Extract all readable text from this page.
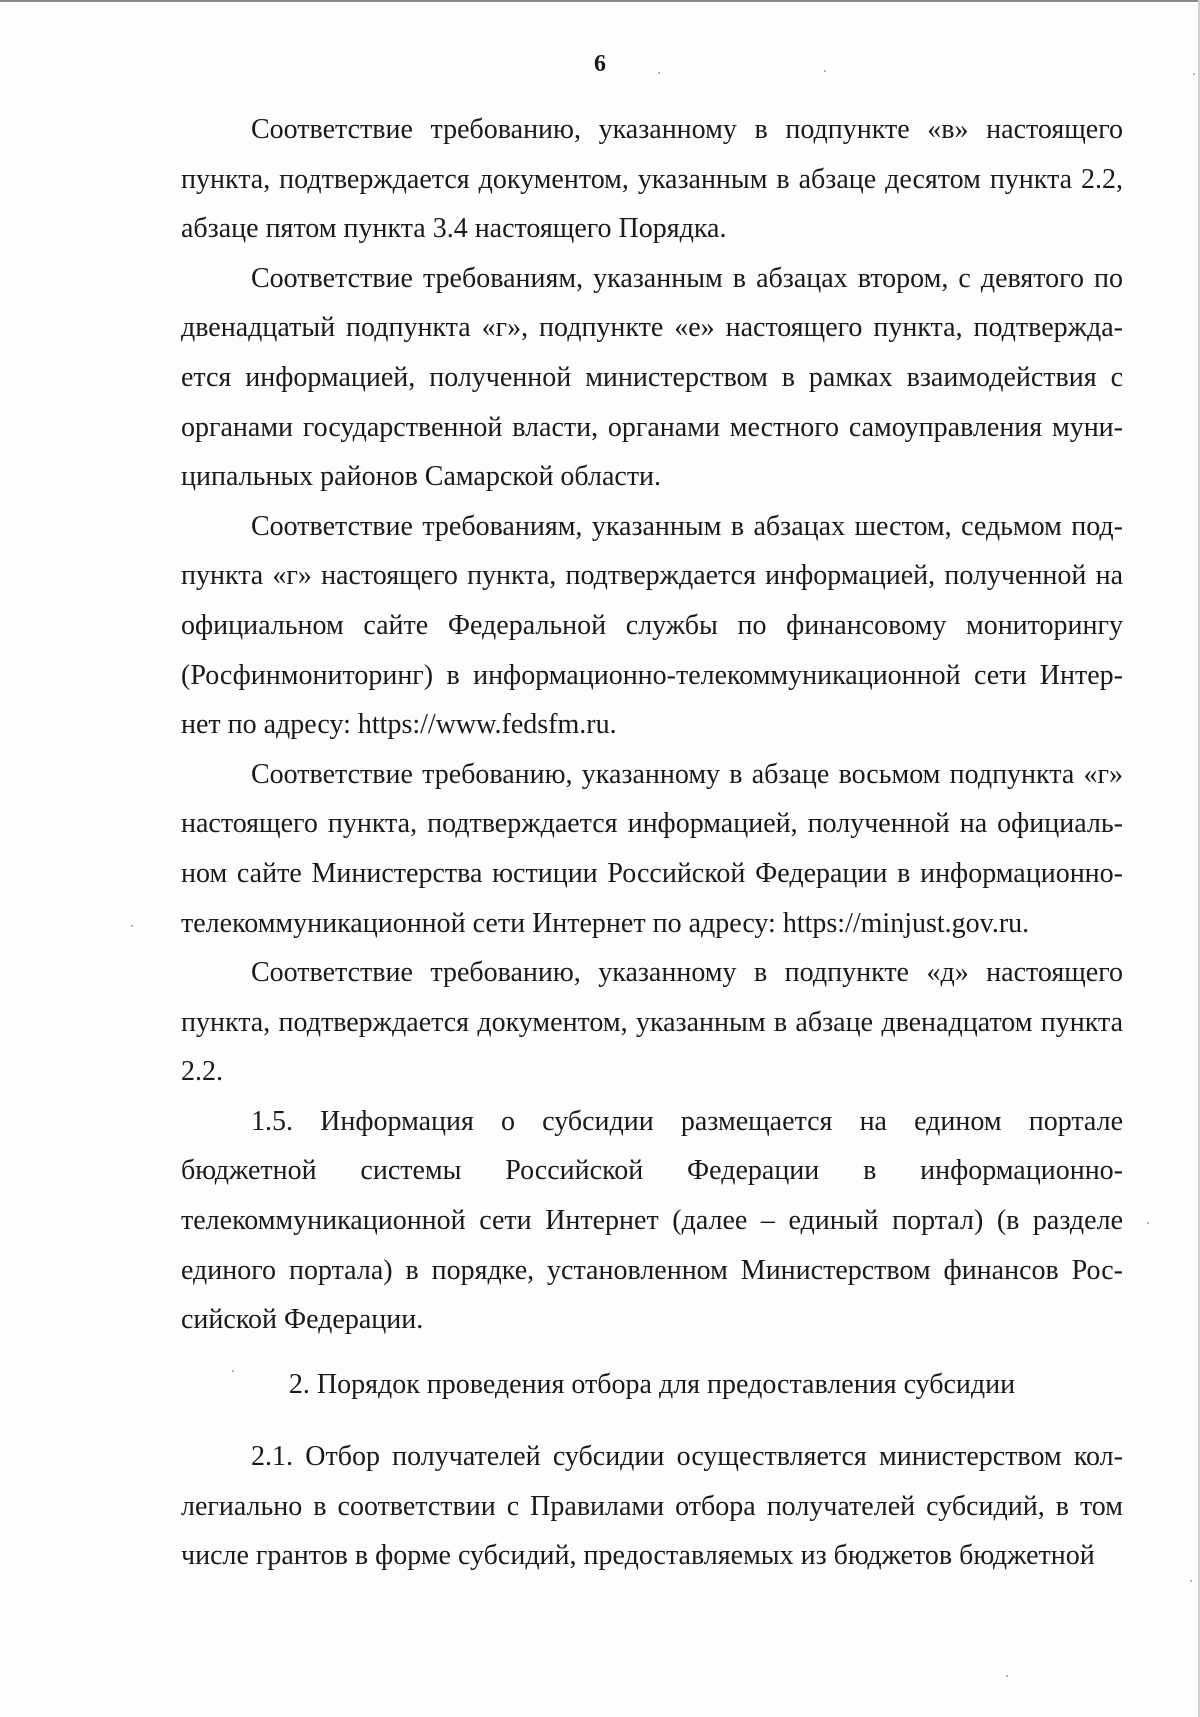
6

Соответствие требованию, указанному в подпункте «в» настоящего пункта, подтверждается документом, указанным в абзаце десятом пункта 2.2, абзаце пятом пункта 3.4 настоящего Порядка.

Соответствие требованиям, указанным в абзацах втором, с девятого по двенадцатый подпункта «г», подпункте «е» настоящего пункта, подтверждается информацией, полученной министерством в рамках взаимодействия с органами государственной власти, органами местного самоуправления муниципальных районов Самарской области.

Соответствие требованиям, указанным в абзацах шестом, седьмом подпункта «г» настоящего пункта, подтверждается информацией, полученной на официальном сайте Федеральной службы по финансовому мониторингу (Росфинмониторинг) в информационно-телекоммуникационной сети Интернет по адресу: https://www.fedsfm.ru.

Соответствие требованию, указанному в абзаце восьмом подпункта «г» настоящего пункта, подтверждается информацией, полученной на официальном сайте Министерства юстиции Российской Федерации в информационно-телекоммуникационной сети Интернет по адресу: https://minjust.gov.ru.

Соответствие требованию, указанному в подпункте «д» настоящего пункта, подтверждается документом, указанным в абзаце двенадцатом пункта 2.2.

1.5. Информация о субсидии размещается на едином портале бюджетной системы Российской Федерации в информационно-телекоммуникационной сети Интернет (далее – единый портал) (в разделе единого портала) в порядке, установленном Министерством финансов Российской Федерации.

2. Порядок проведения отбора для предоставления субсидии

2.1. Отбор получателей субсидии осуществляется министерством коллегиально в соответствии с Правилами отбора получателей субсидий, в том числе грантов в форме субсидий, предоставляемых из бюджетов бюджетной
